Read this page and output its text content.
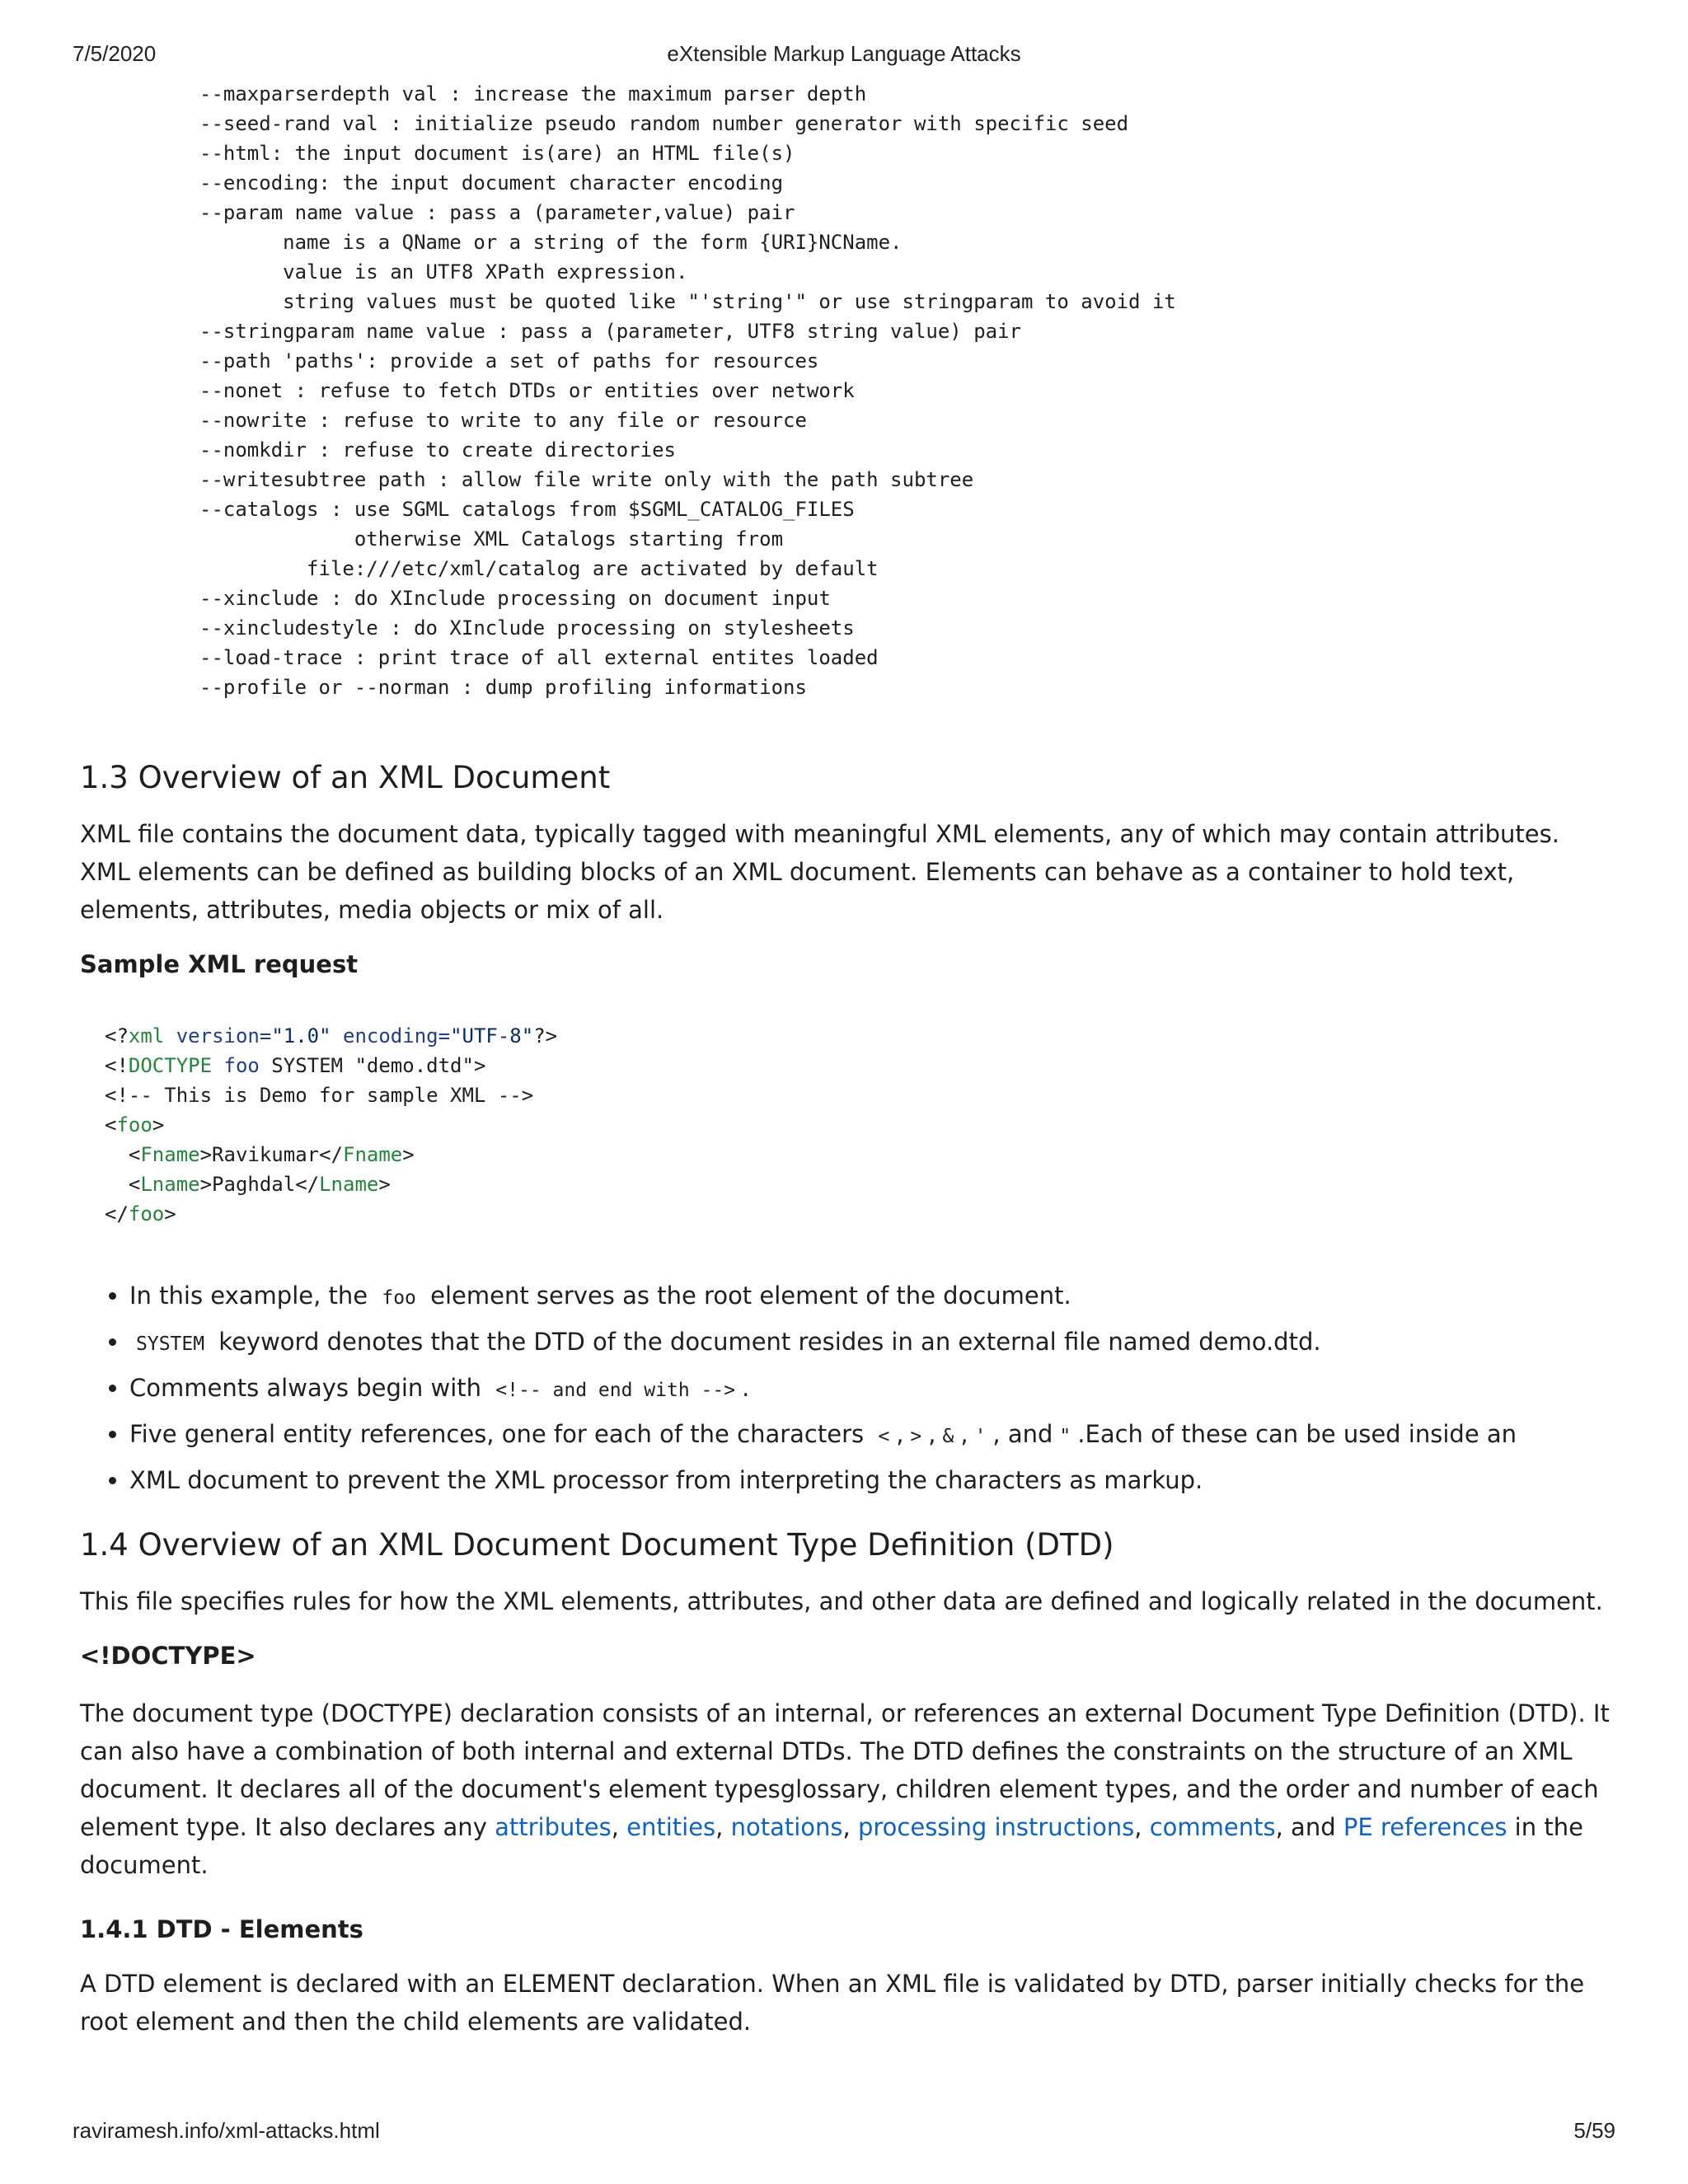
7/5/2020	eXtensible Markup Language Attacks
--maxparserdepth val : increase the maximum parser depth
--seed-rand val : initialize pseudo random number generator with specific seed
--html: the input document is(are) an HTML file(s)
--encoding: the input document character encoding
--param name value : pass a (parameter,value) pair
name is a QName or a string of the form {URI}NCName.
value is an UTF8 XPath expression.
string values must be quoted like "'string'" or use stringparam to avoid it
--stringparam name value : pass a (parameter, UTF8 string value) pair
--path 'paths': provide a set of paths for resources
--nonet : refuse to fetch DTDs or entities over network
--nowrite : refuse to write to any file or resource
--nomkdir : refuse to create directories
--writesubtree path : allow file write only with the path subtree
--catalogs : use SGML catalogs from $SGML_CATALOG_FILES
otherwise XML Catalogs starting from
file:///etc/xml/catalog are activated by default
--xinclude : do XInclude processing on document input
--xincludestyle : do XInclude processing on stylesheets
--load-trace : print trace of all external entites loaded
--profile or --norman : dump profiling informations
1.3 Overview of an XML Document

XML file contains the document data, typically tagged with meaningful XML elements, any of which may contain attributes. XML elements can be defined as building blocks of an XML document. Elements can behave as a container to hold text, elements, attributes, media objects or mix of all.

Sample XML request
<?xml version="1.0" encoding="UTF-8"?>
<!DOCTYPE foo SYSTEM "demo.dtd">
<!-- This is Demo for sample XML -->
<foo>
<Fname>Ravikumar</Fname>
<Lname>Paghdal</Lname>
</foo>
• In this example, the foo element serves as the root element of the document.
• SYSTEM keyword denotes that the DTD of the document resides in an external file named demo.dtd.
• Comments always begin with <!-- and end with --> .
• Five general entity references, one for each of the characters < , > , & , ' , and " .Each of these can be used inside an
• XML document to prevent the XML processor from interpreting the characters as markup.
1.4 Overview of an XML Document Document Type Definition (DTD)

This file specifies rules for how the XML elements, attributes, and other data are defined and logically related in the document.

<!DOCTYPE>

The document type (DOCTYPE) declaration consists of an internal, or references an external Document Type Definition (DTD). It can also have a combination of both internal and external DTDs. The DTD defines the constraints on the structure of an XML document. It declares all of the document's element typesglossary, children element types, and the order and number of each element type. It also declares any attributes, entities, notations, processing instructions, comments, and PE references in the document.

1.4.1 DTD - Elements

A DTD element is declared with an ELEMENT declaration. When an XML file is validated by DTD, parser initially checks for the root element and then the child elements are validated.

raviramesh.info/xml-attacks.html	5/59
